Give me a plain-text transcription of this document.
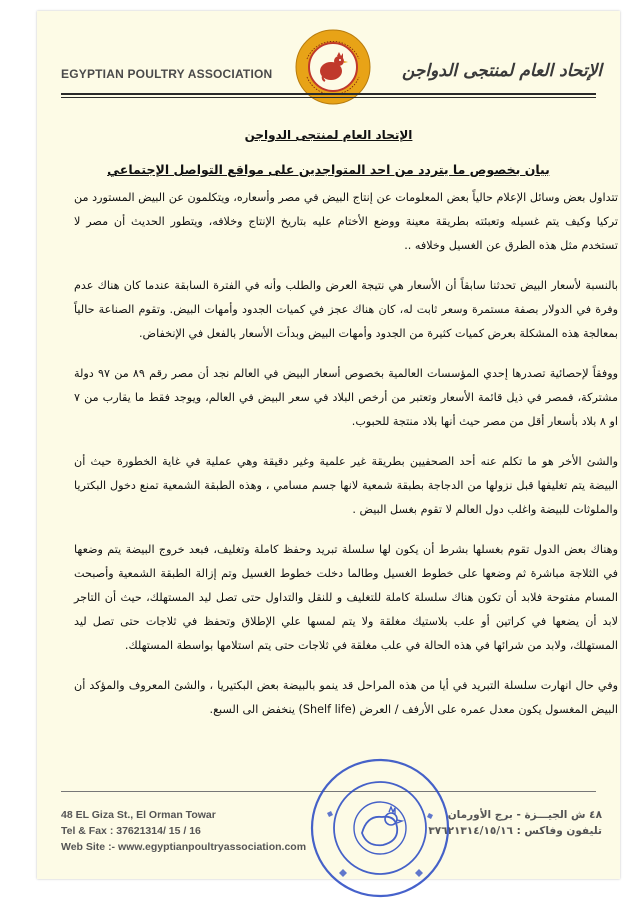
EGYPTIAN POULTRY ASSOCIATION	الإتحاد العام لمنتجى الدواجن
الإتحاد العام لمنتجى الدواجن
بيان بخصوص ما يتردد من احد المتواجدين على مواقع التواصل الإجتماعي

تتداول بعض وسائل الإعلام حالياً بعض المعلومات عن إنتاج البيض في مصر وأسعاره، ويتكلمون عن البيض المستورد من تركيا وكيف يتم غسيله وتعبئته بطريقة معينة ووضع الأختام عليه بتاريخ الإنتاج وخلافه، ويتطور الحديث أن مصر لا تستخدم مثل هذه الطرق عن الغسيل وخلافه ..

بالنسبة لأسعار البيض تحدثنا سابقاً أن الأسعار هي نتيجة العرض والطلب وأنه في الفترة السابقة عندما كان هناك عدم وفرة في الدولار بصفة مستمرة وسعر ثابت له، كان هناك عجز في كميات الجدود وأمهات البيض. وتقوم الصناعة حالياً بمعالجة هذه المشكلة بعرض كميات كثيرة من الجدود وأمهات البيض وبدأت الأسعار بالفعل في الإنخفاض.

ووفقاً لإحصائية تصدرها إحدي المؤسسات العالمية بخصوص أسعار البيض في العالم نجد أن مصر رقم ٨٩ من ٩٧ دولة مشتركة، فمصر في ذيل قائمة الأسعار وتعتبر من أرخص البلاد في سعر البيض في العالم، ويوجد فقط ما يقارب من ٧ او ٨ بلاد بأسعار أقل من مصر حيث أنها بلاد منتجة للحبوب.

والشئ الأخر هو ما تكلم عنه أحد الصحفيين بطريقة غير علمية وغير دقيقة وهي عملية في غاية الخطورة حيث أن البيضة يتم تغليفها قبل نزولها من الدجاجة بطبقة شمعية لانها جسم مسامي ، وهذه الطبقة الشمعية تمنع دخول البكتريا والملوثات للبيضة واغلب دول العالم لا تقوم بغسل البيض .

وهناك بعض الدول تقوم بغسلها بشرط أن يكون لها سلسلة تبريد وحفظ كاملة وتغليف، فبعد خروج البيضة يتم وضعها في الثلاجة مباشرة ثم وضعها على خطوط الغسيل وطالما دخلت خطوط الغسيل وتم إزالة الطبقة الشمعية وأصبحت المسام مفتوحة فلابد أن تكون هناك سلسلة كاملة للتغليف و للنقل والتداول حتى تصل ليد المستهلك، حيث أن التاجر لابد أن يضعها في كراتين أو علب بلاستيك مغلقة ولا يتم لمسها علي الإطلاق وتحفظ في ثلاجات حتى تصل ليد المستهلك، ولابد من شرائها في هذه الحالة في علب مغلقة في ثلاجات حتى يتم استلامها بواسطة المستهلك.

وفي حال انهارت سلسلة التبريد في أيا من هذه المراحل قد ينمو بالبيضة بعض البكتيريا ، والشئ المعروف والمؤكد أن البيض المغسول يكون معدل عمره على الأرفف / العرض (Shelf life) ينخفض الى السبع.

48 EL Giza St., El Orman Towar
Tel & Fax : 37621314/ 15 / 16
Web Site :- www.egyptianpoultryassociation.com
٤٨ ش الجيـــزة - برج الأورمان
تليفون وفاكس : ٣٧٦٢١٣١٤/١٥/١٦
